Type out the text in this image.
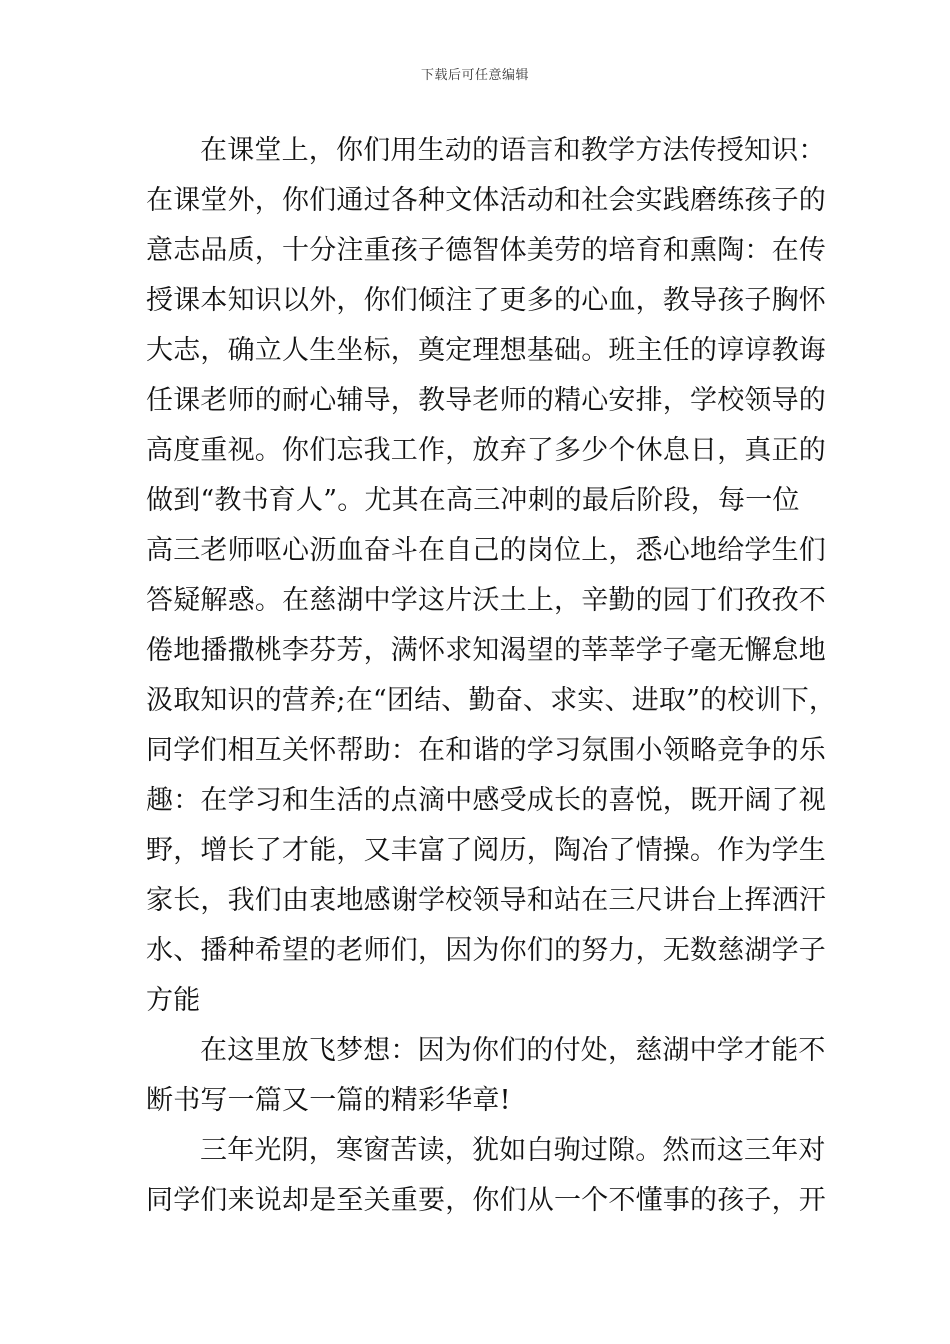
下载后可任意编辑
在课堂上，你们用生动的语言和教学方法传授知识：
在课堂外，你们通过各种文体活动和社会实践磨练孩子的
意志品质，十分注重孩子德智体美劳的培育和熏陶：在传
授课本知识以外，你们倾注了更多的心血，教导孩子胸怀
大志，确立人生坐标，奠定理想基础。班主任的谆谆教诲
任课老师的耐心辅导，教导老师的精心安排，学校领导的
高度重视。你们忘我工作，放弃了多少个休息日，真正的
做到“教书育人”。尤其在高三冲刺的最后阶段，每一位
高三老师呕心沥血奋斗在自己的岗位上，悉心地给学生们
答疑解惑。在慈湖中学这片沃土上，辛勤的园丁们孜孜不
倦地播撒桃李芬芳，满怀求知渴望的莘莘学子毫无懈怠地
汲取知识的营养;在“团结、勤奋、求实、进取”的校训下，
同学们相互关怀帮助：在和谐的学习氛围小领略竞争的乐
趣：在学习和生活的点滴中感受成长的喜悦，既开阔了视
野，增长了才能，又丰富了阅历，陶冶了情操。作为学生
家长，我们由衷地感谢学校领导和站在三尺讲台上挥洒汗
水、播种希望的老师们，因为你们的努力，无数慈湖学子
方能
在这里放飞梦想：因为你们的付处，慈湖中学才能不
断书写一篇又一篇的精彩华章!
三年光阴，寒窗苦读，犹如白驹过隙。然而这三年对
同学们来说却是至关重要，你们从一个不懂事的孩子，开
